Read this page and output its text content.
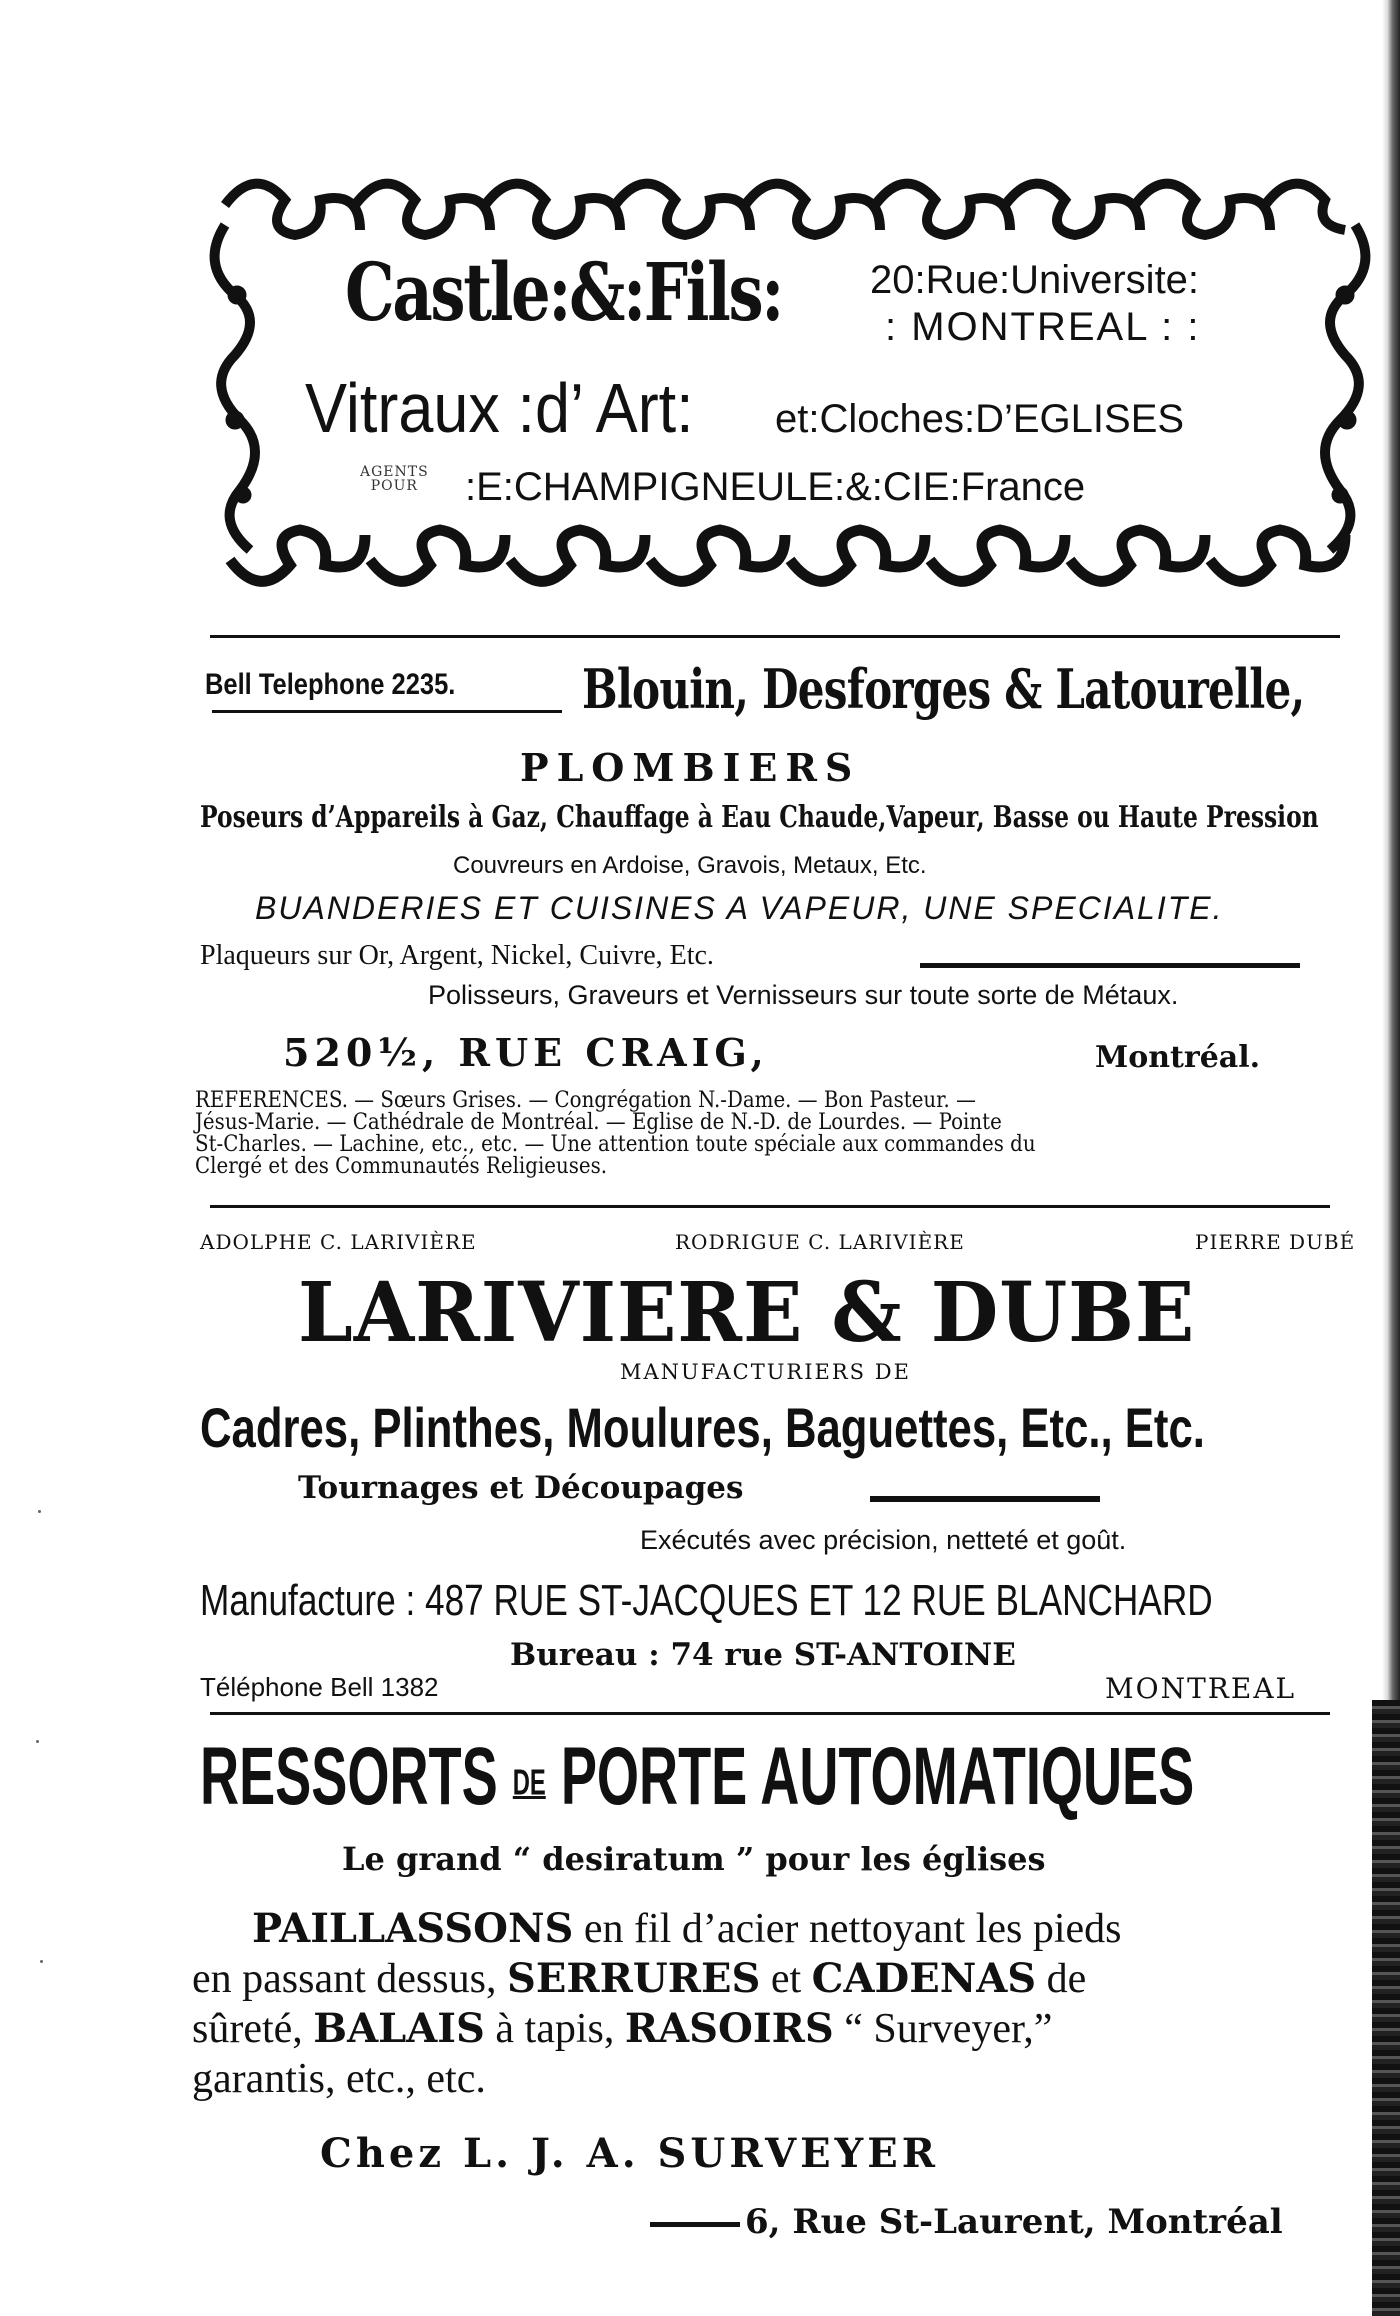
Castle:&:Fils: 20:Rue:Universite:
: MONTREAL : :
Vitraux :d’ Art: et:Cloches:D’EGLISES
AGENTS
POUR :E:CHAMPIGNEULE:&:CIE:France
Bell Telephone 2235. Blouin, Desforges & Latourelle,
PLOMBIERS
Poseurs d’Appareils à Gaz, Chauffage à Eau Chaude,Vapeur, Basse ou Haute Pression
Couvreurs en Ardoise, Gravois, Metaux, Etc.
BUANDERIES ET CUISINES A VAPEUR, UNE SPECIALITE.
Plaqueurs sur Or, Argent, Nickel, Cuivre, Etc.
Polisseurs, Graveurs et Vernisseurs sur toute sorte de Métaux.
520½, RUE CRAIG,	Montréal.
REFERENCES. — Sœurs Grises. — Congrégation N.-Dame. — Bon Pasteur. —
Jésus-Marie. — Cathédrale de Montréal. — Eglise de N.-D. de Lourdes. — Pointe
St-Charles. — Lachine, etc., etc. — Une attention toute spéciale aux commandes du
Clergé et des Communautés Religieuses.
ADOLPHE C. LARIVIÈRE	RODRIGUE C. LARIVIÈRE	PIERRE DUBÉ
LARIVIERE & DUBE
MANUFACTURIERS DE
Cadres, Plinthes, Moulures, Baguettes, Etc., Etc.
Tournages et Découpages
Exécutés avec précision, netteté et goût.
Manufacture : 487 RUE ST-JACQUES ET 12 RUE BLANCHARD
Bureau : 74 rue ST-ANTOINE
Téléphone Bell 1382	MONTREAL
RESSORTS DE PORTE AUTOMATIQUES
Le grand “ desiratum ” pour les églises
PAILLASSONS en fil d’acier nettoyant les pieds
en passant dessus, SERRURES et CADENAS de
sûreté, BALAIS à tapis, RASOIRS “ Surveyer,”
garantis, etc., etc.
Chez L. J. A. SURVEYER
6, Rue St-Laurent, Montréal
